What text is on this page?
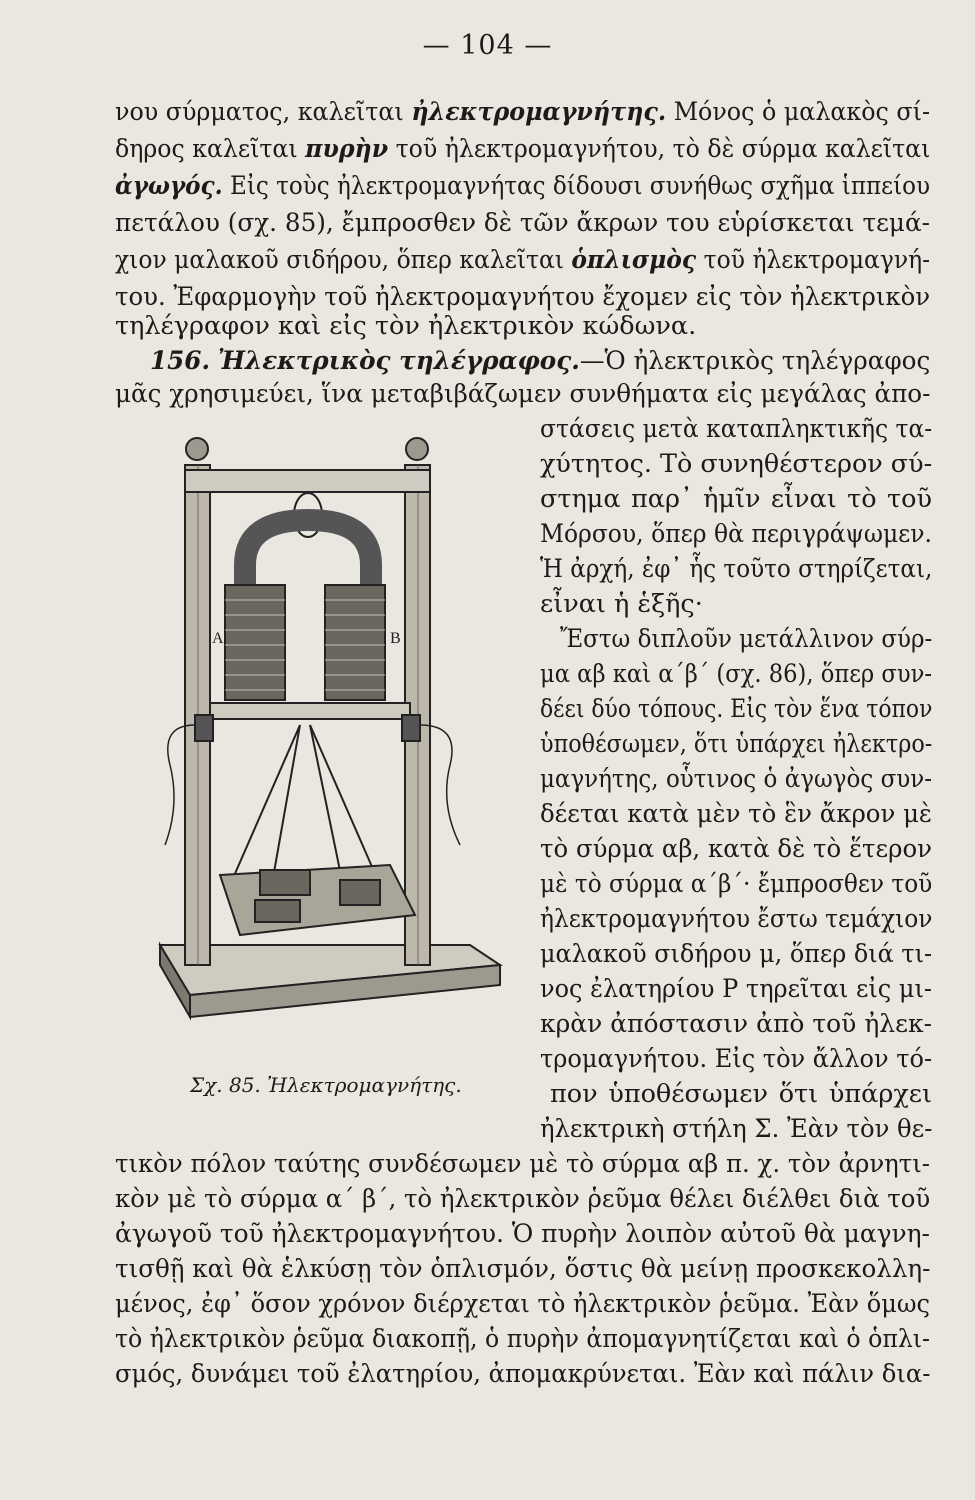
— 104 —
νου σύρματος, καλεῖται ἠλεκτρομαγνήτης. Μόνος ὁ μαλακὸς σί-
δηρος καλεῖται πυρὴν τοῦ ἠλεκτρομαγνήτου, τὸ δὲ σύρμα καλεῖται
ἀγωγός. Εἰς τοὺς ἠλεκτρομαγνήτας δίδουσι συνήθως σχῆμα ἱππείου
πετάλου (σχ. 85), ἔμπροσθεν δὲ τῶν ἄκρων του εὑρίσκεται τεμά-
χιον μαλακοῦ σιδήρου, ὅπερ καλεῖται ὁπλισμὸς τοῦ ἠλεκτρομαγνή-
του. Ἐφαρμογὴν τοῦ ἠλεκτρομαγνήτου ἔχομεν εἰς τὸν ἠλεκτρικὸν
τηλέγραφον καὶ εἰς τὸν ἠλεκτρικὸν κώδωνα.
156. Ἠλεκτρικὸς τηλέγραφος.—Ὁ ἠλεκτρικὸς τηλέγραφος
μᾶς χρησιμεύει, ἵνα μεταβιβάζωμεν συνθήματα εἰς μεγάλας ἀπο-
στάσεις μετὰ καταπληκτικῆς τα-
χύτητος. Τὸ συνηθέστερον σύ-
στημα παρ᾽ ἡμῖν εἶναι τὸ τοῦ
Μόρσου, ὅπερ θὰ περιγράψωμεν.
Ἡ ἀρχή, ἐφ᾽ ἧς τοῦτο στηρίζεται,
εἶναι ἡ ἑξῆς·
Ἔστω διπλοῦν μετάλλινον σύρ-
μα αβ καὶ α΄β΄ (σχ. 86), ὅπερ συν-
δέει δύο τόπους. Εἰς τὸν ἕνα τόπον
ὑποθέσωμεν, ὅτι ὑπάρχει ἠλεκτρο-
μαγνήτης, οὗτινος ὁ ἀγωγὸς συν-
δέεται κατὰ μὲν τὸ ἓν ἄκρον μὲ
τὸ σύρμα αβ, κατὰ δὲ τὸ ἕτερον
μὲ τὸ σύρμα α΄β΄· ἔμπροσθεν τοῦ
ἠλεκτρομαγνήτου ἔστω τεμάχιον
μαλακοῦ σιδήρου μ, ὅπερ διά τι-
νος ἐλατηρίου Ρ τηρεῖται εἰς μι-
κρὰν ἀπόστασιν ἀπὸ τοῦ ἠλεκ-
τρομαγνήτου. Εἰς τὸν ἄλλον τό-
πον ὑποθέσωμεν ὅτι ὑπάρχει
ἠλεκτρικὴ στήλη Σ. Ἐὰν τὸν θε-
A	B
Σχ. 85. Ἠλεκτρομαγνήτης.
τικὸν πόλον ταύτης συνδέσωμεν μὲ τὸ σύρμα αβ π. χ. τὸν ἀρνητι-
κὸν μὲ τὸ σύρμα α΄ β΄, τὸ ἠλεκτρικὸν ῥεῦμα θέλει διέλθει διὰ τοῦ
ἀγωγοῦ τοῦ ἠλεκτρομαγνήτου. Ὁ πυρὴν λοιπὸν αὐτοῦ θὰ μαγνη-
τισθῇ καὶ θὰ ἑλκύσῃ τὸν ὁπλισμόν, ὅστις θὰ μείνῃ προσκεκολλη-
μένος, ἐφ᾽ ὅσον χρόνον διέρχεται τὸ ἠλεκτρικὸν ῥεῦμα. Ἐὰν ὅμως
τὸ ἠλεκτρικὸν ῥεῦμα διακοπῇ, ὁ πυρὴν ἀπομαγνητίζεται καὶ ὁ ὁπλι-
σμός, δυνάμει τοῦ ἐλατηρίου, ἀπομακρύνεται. Ἐὰν καὶ πάλιν δια-
